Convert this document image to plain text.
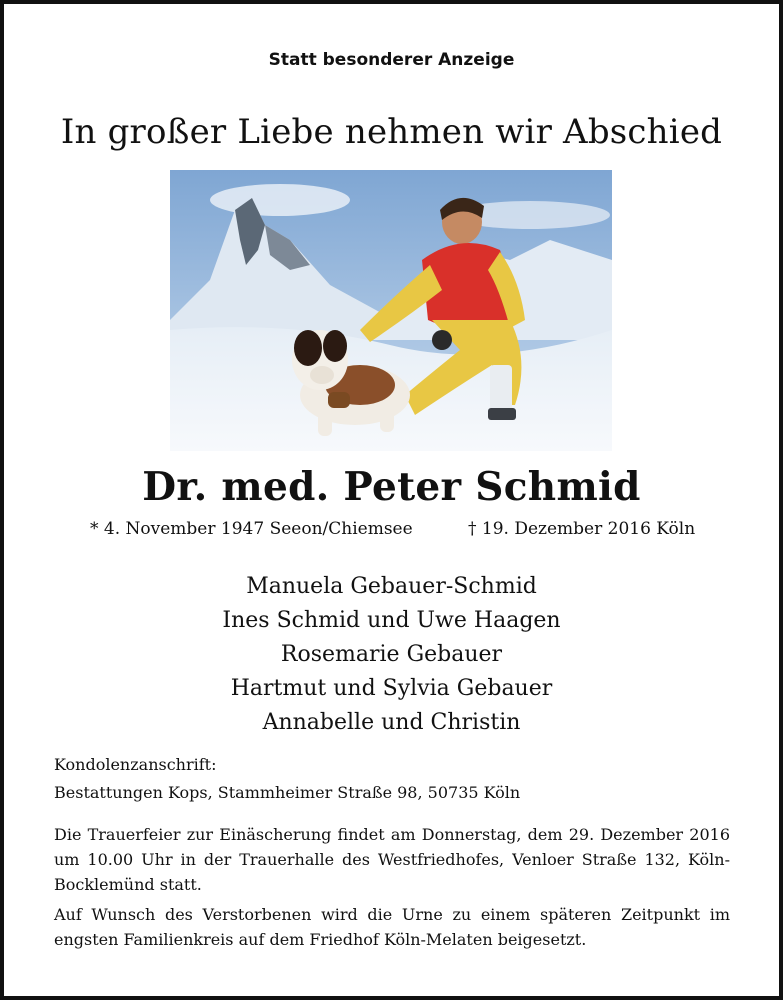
Statt besonderer Anzeige
In großer Liebe nehmen wir Abschied
Dr. med. Peter Schmid
* 4. November 1947 Seeon/Chiemsee	† 19. Dezember 2016 Köln
Manuela Gebauer-Schmid
Ines Schmid und Uwe Haagen
Rosemarie Gebauer
Hartmut und Sylvia Gebauer
Annabelle und Christin
Kondolenzanschrift:
Bestattungen Kops, Stammheimer Straße 98, 50735 Köln
Die Trauerfeier zur Einäscherung findet am Donnerstag, dem 29. Dezember 2016 um 10.00 Uhr in der Trauerhalle des Westfriedhofes, Venloer Straße 132, Köln-Bocklemünd statt.
Auf Wunsch des Verstorbenen wird die Urne zu einem späteren Zeitpunkt im engsten Familienkreis auf dem Friedhof Köln-Melaten beigesetzt.
